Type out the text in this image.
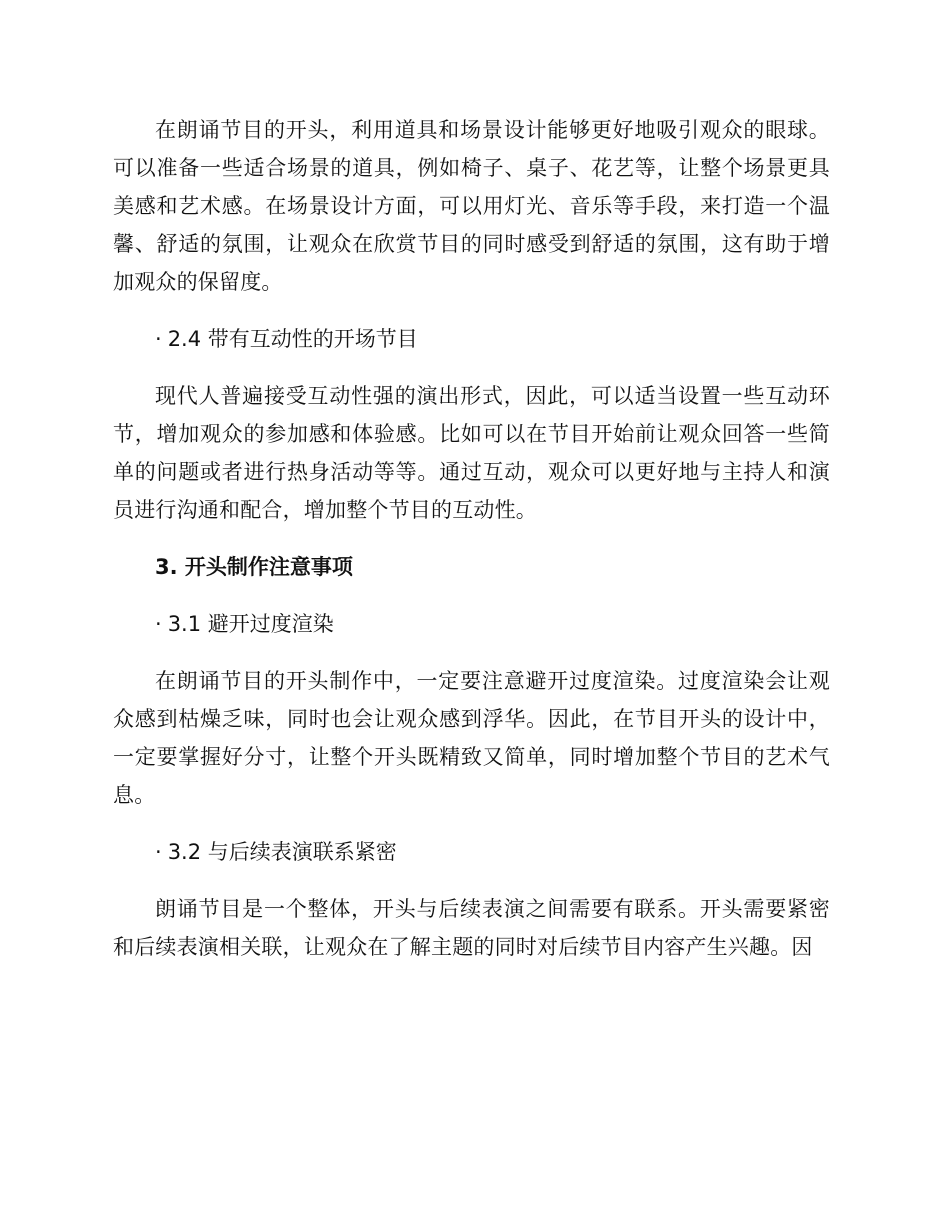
在朗诵节目的开头，利用道具和场景设计能够更好地吸引观众的眼球。可以准备一些适合场景的道具，例如椅子、桌子、花艺等，让整个场景更具美感和艺术感。在场景设计方面，可以用灯光、音乐等手段，来打造一个温馨、舒适的氛围，让观众在欣赏节目的同时感受到舒适的氛围，这有助于增加观众的保留度。

· 2.4 带有互动性的开场节目

现代人普遍接受互动性强的演出形式，因此，可以适当设置一些互动环节，增加观众的参加感和体验感。比如可以在节目开始前让观众回答一些简单的问题或者进行热身活动等等。通过互动，观众可以更好地与主持人和演员进行沟通和配合，增加整个节目的互动性。

3. 开头制作注意事项
· 3.1 避开过度渲染

在朗诵节目的开头制作中，一定要注意避开过度渲染。过度渲染会让观众感到枯燥乏味，同时也会让观众感到浮华。因此，在节目开头的设计中，一定要掌握好分寸，让整个开头既精致又简单，同时增加整个节目的艺术气息。

· 3.2 与后续表演联系紧密

朗诵节目是一个整体，开头与后续表演之间需要有联系。开头需要紧密和后续表演相关联，让观众在了解主题的同时对后续节目内容产生兴趣。因
